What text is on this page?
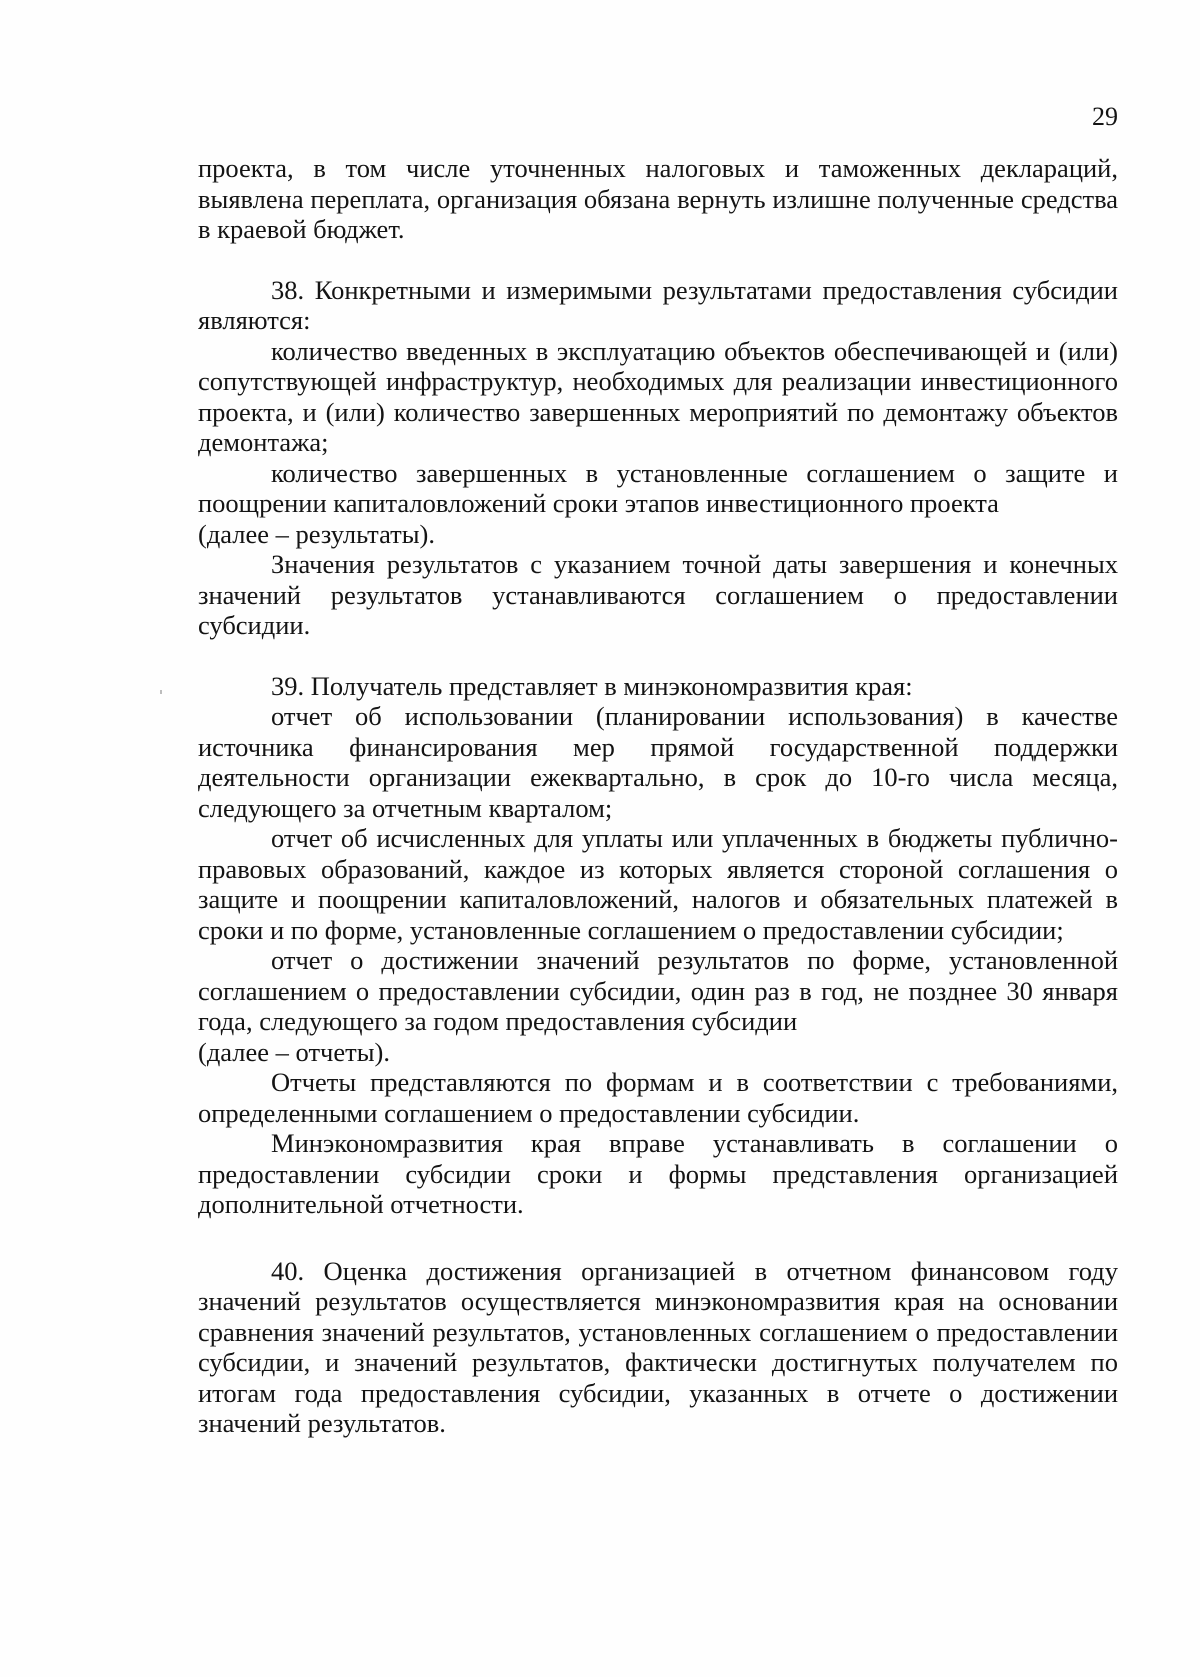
29

проекта, в том числе уточненных налоговых и таможенных деклараций, выявлена переплата, организация обязана вернуть излишне полученные средства в краевой бюджет.

38. Конкретными и измеримыми результатами предоставления субсидии являются:

количество введенных в эксплуатацию объектов обеспечивающей и (или) сопутствующей инфраструктур, необходимых для реализации инвестиционного проекта, и (или) количество завершенных мероприятий по демонтажу объектов демонтажа;

количество завершенных в установленные соглашением о защите и поощрении капиталовложений сроки этапов инвестиционного проекта

(далее – результаты).

Значения результатов с указанием точной даты завершения и конечных значений результатов устанавливаются соглашением о предоставлении субсидии.

39. Получатель представляет в минэкономразвития края:

отчет об использовании (планировании использования) в качестве источника финансирования мер прямой государственной поддержки деятельности организации ежеквартально, в срок до 10-го числа месяца, следующего за отчетным кварталом;

отчет об исчисленных для уплаты или уплаченных в бюджеты публично-правовых образований, каждое из которых является стороной соглашения о защите и поощрении капиталовложений, налогов и обязательных платежей в сроки и по форме, установленные соглашением о предоставлении субсидии;

отчет о достижении значений результатов по форме, установленной соглашением о предоставлении субсидии, один раз в год, не позднее 30 января года, следующего за годом предоставления субсидии

(далее – отчеты).

Отчеты представляются по формам и в соответствии с требованиями, определенными соглашением о предоставлении субсидии.

Минэкономразвития края вправе устанавливать в соглашении о предоставлении субсидии сроки и формы представления организацией дополнительной отчетности.

40. Оценка достижения организацией в отчетном финансовом году значений результатов осуществляется минэкономразвития края на основании сравнения значений результатов, установленных соглашением о предоставлении субсидии, и значений результатов, фактически достигнутых получателем по итогам года предоставления субсидии, указанных в отчете о достижении значений результатов.
